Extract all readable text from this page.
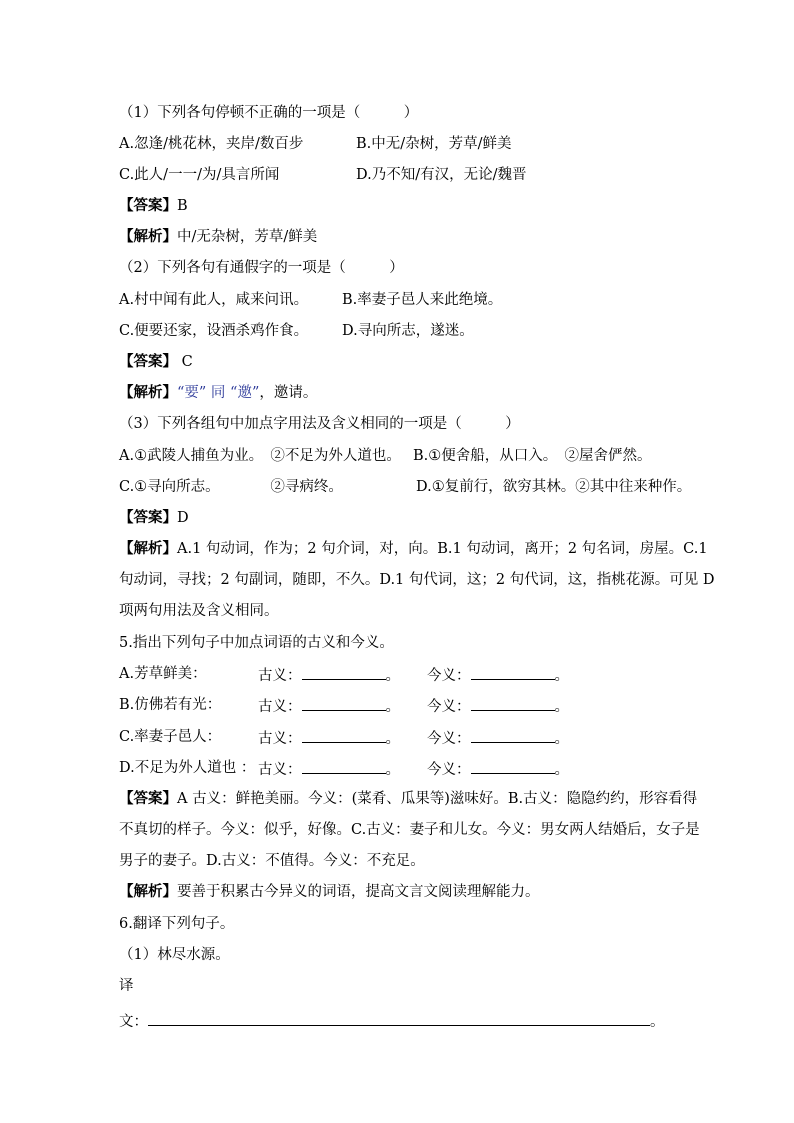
（1）下列各句停顿不正确的一项是（　　　）
A.忽逢/桃花林，夹岸/数百步	B.中无/杂树，芳草/鲜美
C.此人/一一/为/具言所闻	D.乃不知/有汉，无论/魏晋
【答案】B
【解析】中/无杂树，芳草/鲜美
（2）下列各句有通假字的一项是（　　　）
A.村中闻有此人，咸来问讯。 B.率妻子邑人来此绝境。
C.便要还家，设酒杀鸡作食。 D.寻向所志，遂迷。
【答案】 C
【解析】“要” 同 “邀”，邀请。
（3）下列各组句中加点字用法及含义相同的一项是（　　　）
A.①武陵人捕鱼为业。　②不足为外人道也。 B.①便舍船，从口入。　②屋舍俨然。
C.①寻向所志。　　　　②寻病终。	D.①复前行，欲穷其林。②其中往来种作。
【答案】D
【解析】A.1 句动词，作为；2 句介词，对，向。B.1 句动词，离开；2 句名词，房屋。C.1
句动词，寻找；2 句副词，随即，不久。D.1 句代词，这；2 句代词，这，指桃花源。可见 D
项两句用法及含义相同。
5.指出下列句子中加点词语的古义和今义。
A.芳草鲜美：	古义：	。 今义：	。
B.仿佛若有光：	古义：	。 今义：	。
C.率妻子邑人：	古义：	。 今义：	。
D.不足为外人道也 ： 古义：	。 今义：	。
【答案】A 古义：鲜艳美丽。今义：(菜肴、瓜果等)滋味好。B.古义：隐隐约约，形容看得
不真切的样子。今义：似乎，好像。C.古义：妻子和儿女。今义：男女两人结婚后，女子是
男子的妻子。D.古义：不值得。今义：不充足。
【解析】要善于积累古今异义的词语，提高文言文阅读理解能力。
6.翻译下列句子。
（1）林尽水源。
译
文：	。
